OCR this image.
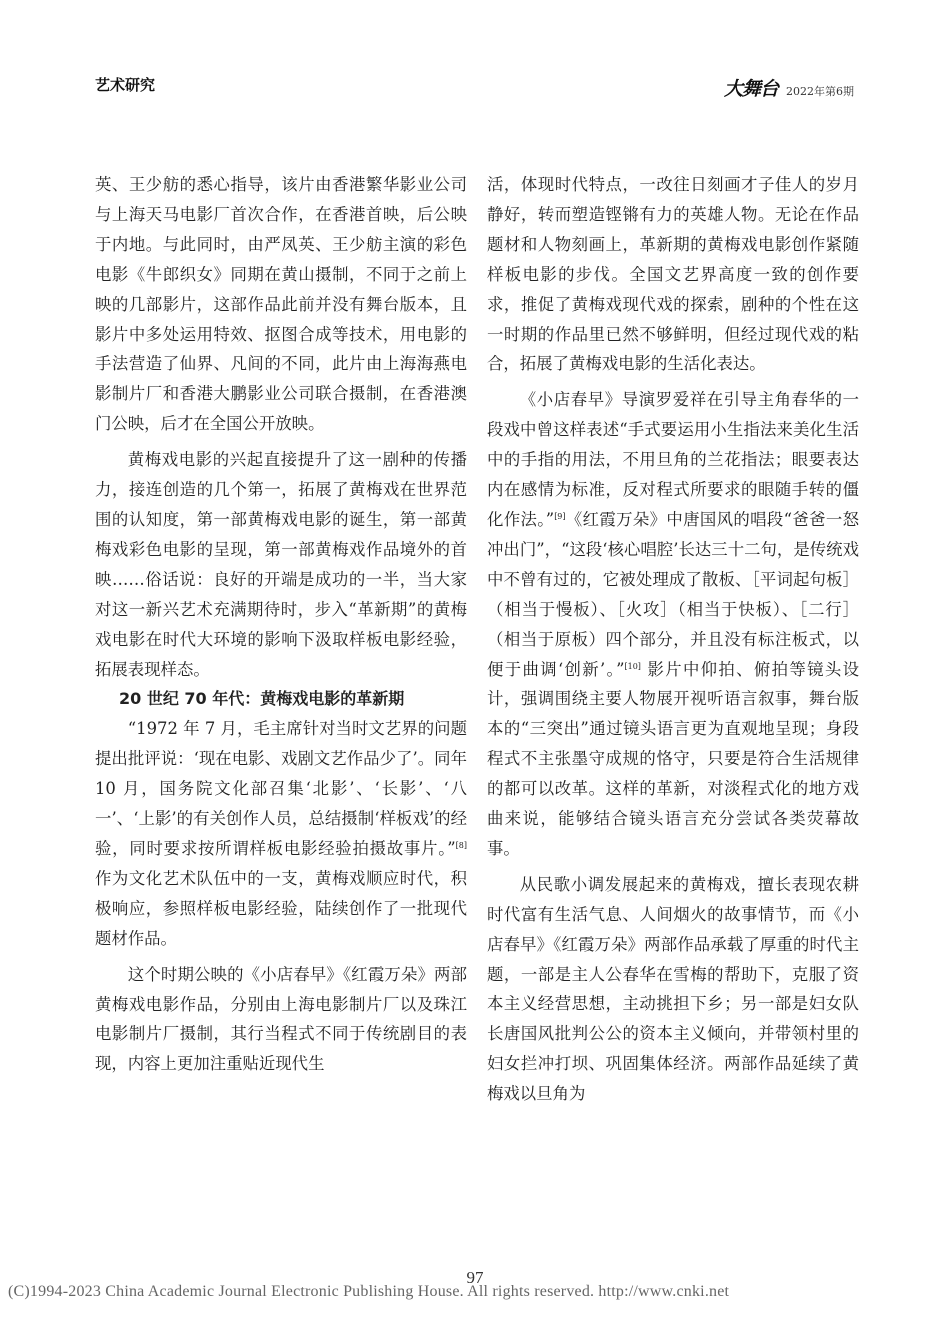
艺术研究	大舞台 2022年第6期

英、王少舫的悉心指导，该片由香港繁华影业公司与上海天马电影厂首次合作，在香港首映，后公映于内地。与此同时，由严凤英、王少舫主演的彩色电影《牛郎织女》同期在黄山摄制，不同于之前上映的几部影片，这部作品此前并没有舞台版本，且影片中多处运用特效、抠图合成等技术，用电影的手法营造了仙界、凡间的不同，此片由上海海燕电影制片厂和香港大鹏影业公司联合摄制，在香港澳门公映，后才在全国公开放映。

黄梅戏电影的兴起直接提升了这一剧种的传播力，接连创造的几个第一，拓展了黄梅戏在世界范围的认知度，第一部黄梅戏电影的诞生，第一部黄梅戏彩色电影的呈现，第一部黄梅戏作品境外的首映……俗话说：良好的开端是成功的一半，当大家对这一新兴艺术充满期待时，步入“革新期”的黄梅戏电影在时代大环境的影响下汲取样板电影经验，拓展表现样态。

20 世纪 70 年代：黄梅戏电影的革新期

“1972 年 7 月，毛主席针对当时文艺界的问题提出批评说：‘现在电影、戏剧文艺作品少了’。同年 10 月，国务院文化部召集‘北影’、‘长影’、‘八一’、‘上影’的有关创作人员，总结摄制‘样板戏’的经验，同时要求按所谓样板电影经验拍摄故事片。”[8] 作为文化艺术队伍中的一支，黄梅戏顺应时代，积极响应，参照样板电影经验，陆续创作了一批现代题材作品。

这个时期公映的《小店春早》《红霞万朵》两部黄梅戏电影作品，分别由上海电影制片厂以及珠江电影制片厂摄制，其行当程式不同于传统剧目的表现，内容上更加注重贴近现代生

活，体现时代特点，一改往日刻画才子佳人的岁月静好，转而塑造铿锵有力的英雄人物。无论在作品题材和人物刻画上，革新期的黄梅戏电影创作紧随样板电影的步伐。全国文艺界高度一致的创作要求，推促了黄梅戏现代戏的探索，剧种的个性在这一时期的作品里已然不够鲜明，但经过现代戏的粘合，拓展了黄梅戏电影的生活化表达。

《小店春早》导演罗爱祥在引导主角春华的一段戏中曾这样表述“手式要运用小生指法来美化生活中的手指的用法，不用旦角的兰花指法；眼要表达内在感情为标准，反对程式所要求的眼随手转的僵化作法。”[9]《红霞万朵》中唐国风的唱段“爸爸一怒冲出门”，“这段‘核心唱腔’长达三十二句，是传统戏中不曾有过的，它被处理成了散板、［平词起句板］（相当于慢板）、［火攻］（相当于快板）、［二行］（相当于原板）四个部分，并且没有标注板式，以便于曲调‘创新’。”[10] 影片中仰拍、俯拍等镜头设计，强调围绕主要人物展开视听语言叙事，舞台版本的“三突出”通过镜头语言更为直观地呈现；身段程式不主张墨守成规的恪守，只要是符合生活规律的都可以改革。这样的革新，对淡程式化的地方戏曲来说，能够结合镜头语言充分尝试各类荧幕故事。

从民歌小调发展起来的黄梅戏，擅长表现农耕时代富有生活气息、人间烟火的故事情节，而《小店春早》《红霞万朵》两部作品承载了厚重的时代主题，一部是主人公春华在雪梅的帮助下，克服了资本主义经营思想，主动挑担下乡；另一部是妇女队长唐国风批判公公的资本主义倾向，并带领村里的妇女拦冲打坝、巩固集体经济。两部作品延续了黄梅戏以旦角为

97
(C)1994-2023 China Academic Journal Electronic Publishing House. All rights reserved. http://www.cnki.net
